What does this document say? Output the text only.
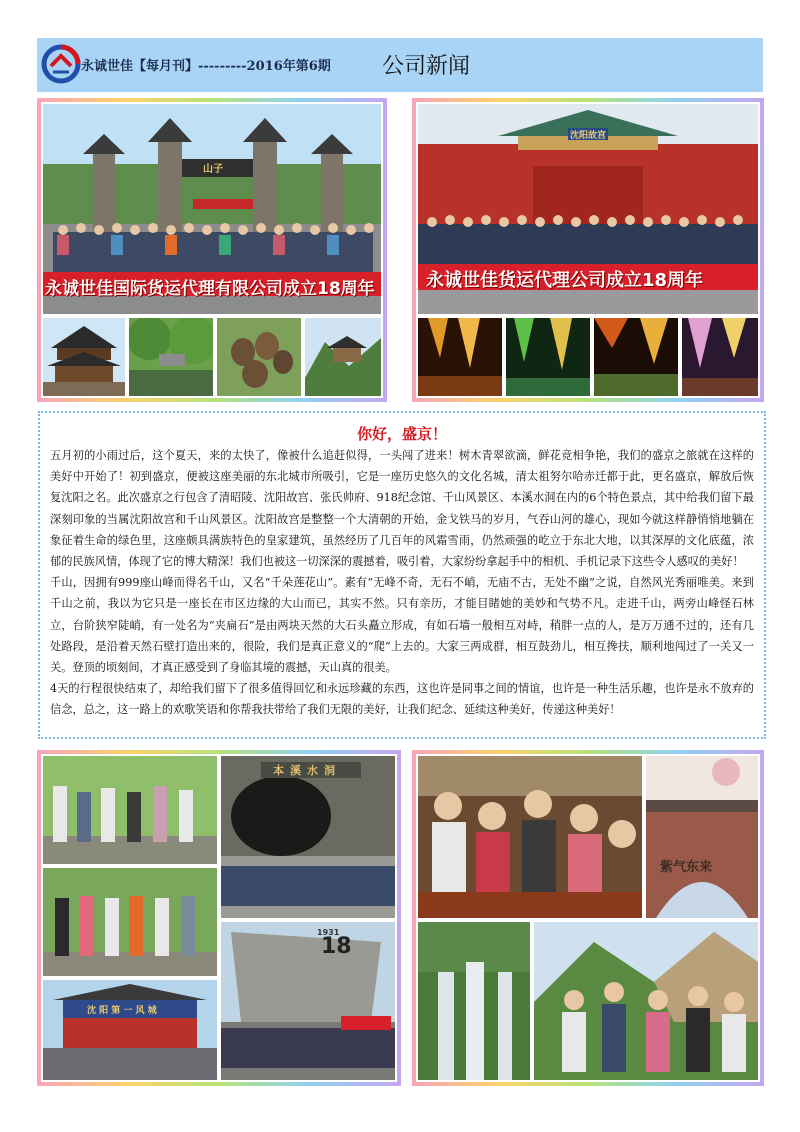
永诚世佳【每月刊】---------2016年第6期 公司新闻
永诚世佳国际货运代理有限公司成立18周年
山子
永诚世佳货运代理公司成立18周年
沈阳故宫
你好，盛京！

五月初的小雨过后，这个夏天，来的太快了，像被什么追赶似得，一头闯了进来！树木青翠欲滴，鲜花竞相争艳，我们的盛京之旅就在这样的美好中开始了！初到盛京，便被这座美丽的东北城市所吸引，它是一座历史悠久的文化名城，清太祖努尔哈赤迁都于此，更名盛京，解放后恢复沈阳之名。此次盛京之行包含了清昭陵、沈阳故宫、张氏帅府、918纪念馆、千山风景区、本溪水洞在内的6个特色景点，其中给我们留下最深刻印象的当属沈阳故宫和千山风景区。沈阳故宫是整整一个大清朝的开始，金戈铁马的岁月，气吞山河的雄心，现如今就这样静悄悄地躺在象征着生命的绿色里，这座颇具满族特色的皇家建筑，虽然经历了几百年的风霜雪雨，仍然顽强的屹立于东北大地，以其深厚的文化底蕴，浓郁的民族风情，体现了它的博大精深！我们也被这一切深深的震撼着，吸引着，大家纷纷拿起手中的相机、手机记录下这些令人感叹的美好！

千山，因拥有999座山峰而得名千山，又名“千朵莲花山”。素有“无峰不奇，无石不峭，无庙不古，无处不幽”之说，自然风光秀丽唯美。来到千山之前，我以为它只是一座长在市区边缘的大山而已，其实不然。只有亲历，才能目睹她的美妙和气势不凡。走进千山，两旁山峰怪石林立，台阶狭窄陡峭，有一处名为“夹扁石”是由两块天然的大石头矗立形成，有如石墙一般相互对峙，稍胖一点的人，是万万通不过的，还有几处路段，是沿着天然石壁打造出来的，很险，我们是真正意义的“爬”上去的。大家三两成群，相互鼓劲儿，相互搀扶，顺利地闯过了一关又一关。登顶的顷刻间，才真正感受到了身临其境的震撼，天山真的很美。

4天的行程很快结束了，却给我们留下了很多值得回忆和永远珍藏的东西，这也许是同事之间的情谊，也许是一种生活乐趣，也许是永不放弃的信念，总之，这一路上的欢歌笑语和你帮我扶带给了我们无限的美好，让我们纪念、延续这种美好，传递这种美好！

本溪水洞
18
1931
沈 阳 第 一 风 城
紫气东来
